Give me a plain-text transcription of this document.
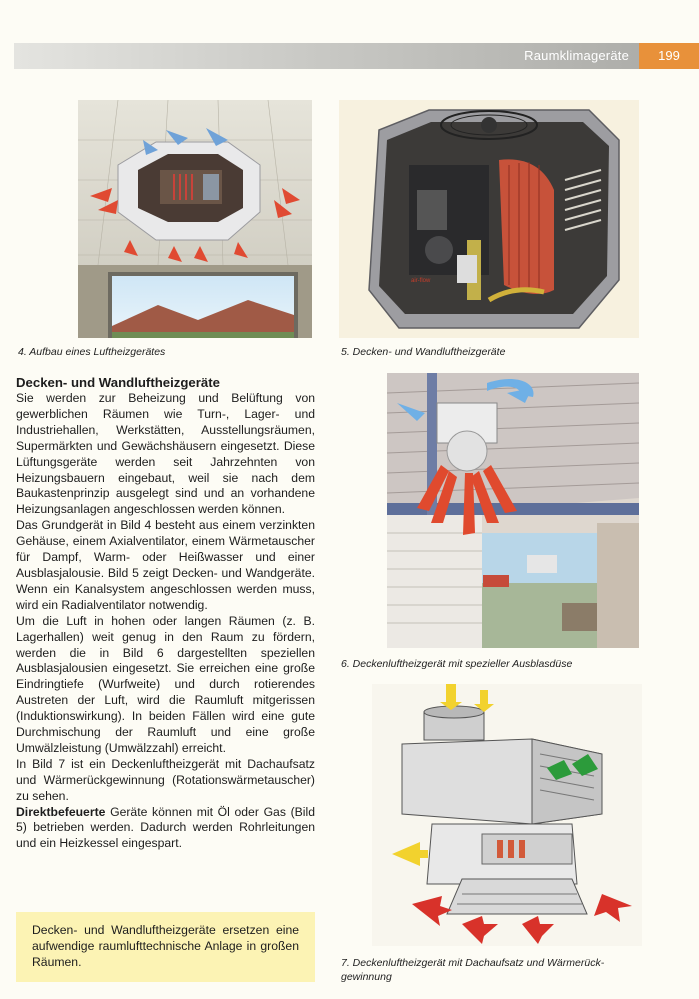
Raumklimageräte	199
4. Aufbau eines Luftheizgerätes
air-flow
5. Decken- und Wandluftheizgeräte
6. Deckenluftheizgerät mit spezieller Ausblasdüse
7. Deckenluftheizgerät mit Dachaufsatz und Wärmerück-gewinnung
Decken- und Wandluftheizgeräte

Sie werden zur Beheizung und Belüftung von gewerblichen Räumen wie Turn-, Lager- und Industriehallen, Werkstätten, Ausstellungsräumen, Supermärkten und Gewächshäusern eingesetzt. Diese Lüftungsgeräte werden seit Jahrzehnten von Heizungsbauern eingebaut, weil sie nach dem Baukastenprinzip ausgelegt sind und an vorhandene Heizungsanlagen angeschlossen werden können.

Das Grundgerät in Bild 4 besteht aus einem verzinkten Gehäuse, einem Axialventilator, einem Wärmetauscher für Dampf, Warm- oder Heißwasser und einer Ausblasjalousie. Bild 5 zeigt Decken- und Wandgeräte. Wenn ein Kanalsystem angeschlossen werden muss, wird ein Radialventilator notwendig.

Um die Luft in hohen oder langen Räumen (z. B. Lagerhallen) weit genug in den Raum zu fördern, werden die in Bild 6 dargestellten speziellen Ausblasjalousien eingesetzt. Sie erreichen eine große Eindringtiefe (Wurfweite) und durch rotierendes Austreten der Luft, wird die Raumluft mitgerissen (Induktionswirkung). In beiden Fällen wird eine gute Durchmischung der Raumluft und eine große Umwälzleistung (Umwälzzahl) erreicht.

In Bild 7 ist ein Deckenluftheizgerät mit Dachaufsatz und Wärmerückgewinnung (Rotationswärmetauscher) zu sehen.

Direktbefeuerte Geräte können mit Öl oder Gas (Bild 5) betrieben werden. Dadurch werden Rohrleitungen und ein Heizkessel eingespart.

Decken- und Wandluftheizgeräte ersetzen eine aufwendige raumlufttechnische Anlage in großen Räumen.
